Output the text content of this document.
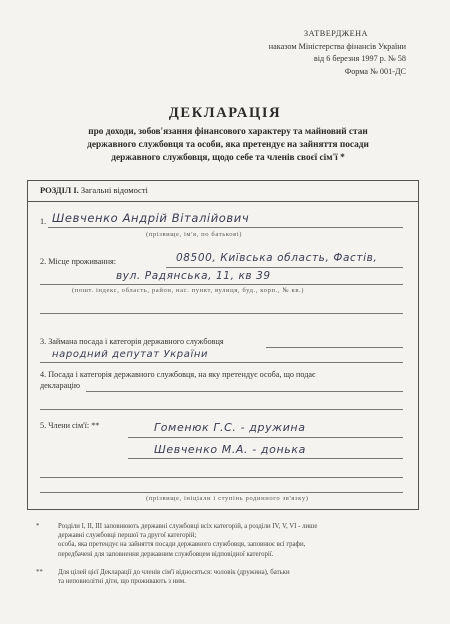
ЗАТВЕРДЖЕНА
наказом Міністерства фінансів України
від 6 березня 1997 р. № 58
Форма № 001-ДС
ДЕКЛАРАЦІЯ
про доходи, зобов'язання фінансового характеру та майновий стан
державного службовця та особи, яка претендує на зайняття посади
державного службовця, щодо себе та членів своєї сім'ї *
РОЗДІЛ І. Загальні відомості
1. Шевченко Андрій Віталійович
(прізвище, ім'я, по батькові)
2. Місце проживання:	08500, Київська область, Фастів,
вул. Радянська, 11, кв 39
(пошт. індекс, область, район, нас. пункт, вулиця, буд., корп., № кв.)
3. Займана посада і категорія державного службовця
народний депутат України
4. Посада і категорія державного службовця, на яку претендує особа, що подає
декларацію
5. Члени сім'ї: **	Гоменюк Г.С. - дружина
Шевченко М.А. - донька
(прізвище, ініціали і ступінь родинного зв'язку)
*	Розділи І, ІІ, ІІІ заповнюють державні службовці всіх категорій, а розділи IV, V, VI - лише
державні службовці першої та другої категорій;
особа, яка претендує на зайняття посади державного службовця, заповнює всі графи,
передбачені для заповнення державним службовцем відповідної категорії.
** Для цілей цієї Декларації до членів сім'ї відносяться: чоловік (дружина), батьки
та неповнолітні діти, що проживають з ним.
